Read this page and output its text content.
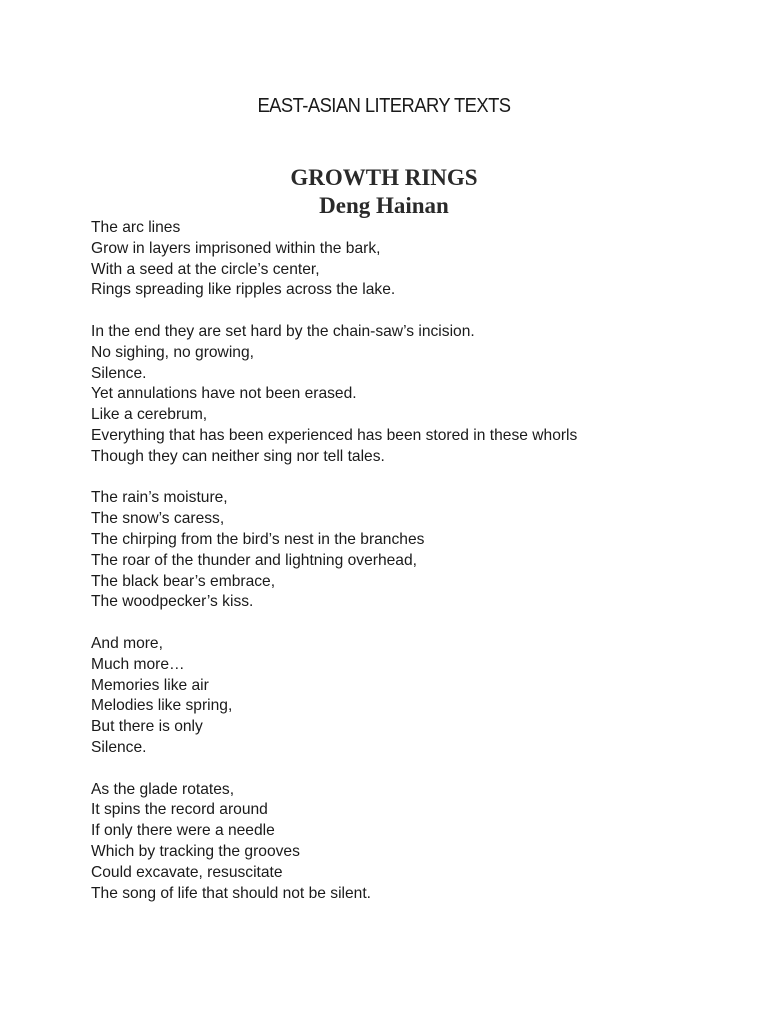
EAST-ASIAN LITERARY TEXTS
GROWTH RINGS
Deng Hainan
The arc lines
Grow in layers imprisoned within the bark,
With a seed at the circle’s center,
Rings spreading like ripples across the lake.
In the end they are set hard by the chain-saw’s incision.
No sighing, no growing,
Silence.
Yet annulations have not been erased.
Like a cerebrum,
Everything that has been experienced has been stored in these whorls
Though they can neither sing nor tell tales.
The rain’s moisture,
The snow’s caress,
The chirping from the bird’s nest in the branches
The roar of the thunder and lightning overhead,
The black bear’s embrace,
The woodpecker’s kiss.
And more,
Much more…
Memories like air
Melodies like spring,
But there is only
Silence.
As the glade rotates,
It spins the record around
If only there were a needle
Which by tracking the grooves
Could excavate, resuscitate
The song of life that should not be silent.
